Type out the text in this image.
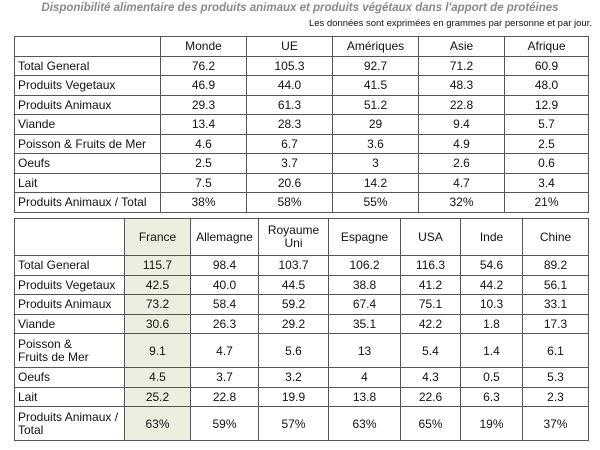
Disponibilité alimentaire des produits animaux et produits végétaux dans l'apport de protéines
Les données sont exprimées en grammes par personne et par jour.
	Monde	UE	Amériques	Asie	Afrique
Total General	76.2	105.3	92.7	71.2	60.9
Produits Vegetaux	46.9	44.0	41.5	48.3	48.0
Produits Animaux	29.3	61.3	51.2	22.8	12.9
Viande	13.4	28.3	29	9.4	5.7
Poisson & Fruits de Mer	4.6	6.7	3.6	4.9	2.5
Oeufs	2.5	3.7	3	2.6	0.6
Lait	7.5	20.6	14.2	4.7	3.4
Produits Animaux / Total	38%	58%	55%	32%	21%
	France	Allemagne	Royaume Uni	Espagne	USA	Inde	Chine
Total General	115.7	98.4	103.7	106.2	116.3	54.6	89.2
Produits Vegetaux	42.5	40.0	44.5	38.8	41.2	44.2	56.1
Produits Animaux	73.2	58.4	59.2	67.4	75.1	10.3	33.1
Viande	30.6	26.3	29.2	35.1	42.2	1.8	17.3

Poisson & Fruits de Mer	9.1	4.7	5.6	13	5.4	1.4	6.1
Oeufs	4.5	3.7	3.2	4	4.3	0.5	5.3
Lait	25.2	22.8	19.9	13.8	22.6	6.3	2.3

Produits Animaux / Total	63%	59%	57%	63%	65%	19%	37%
